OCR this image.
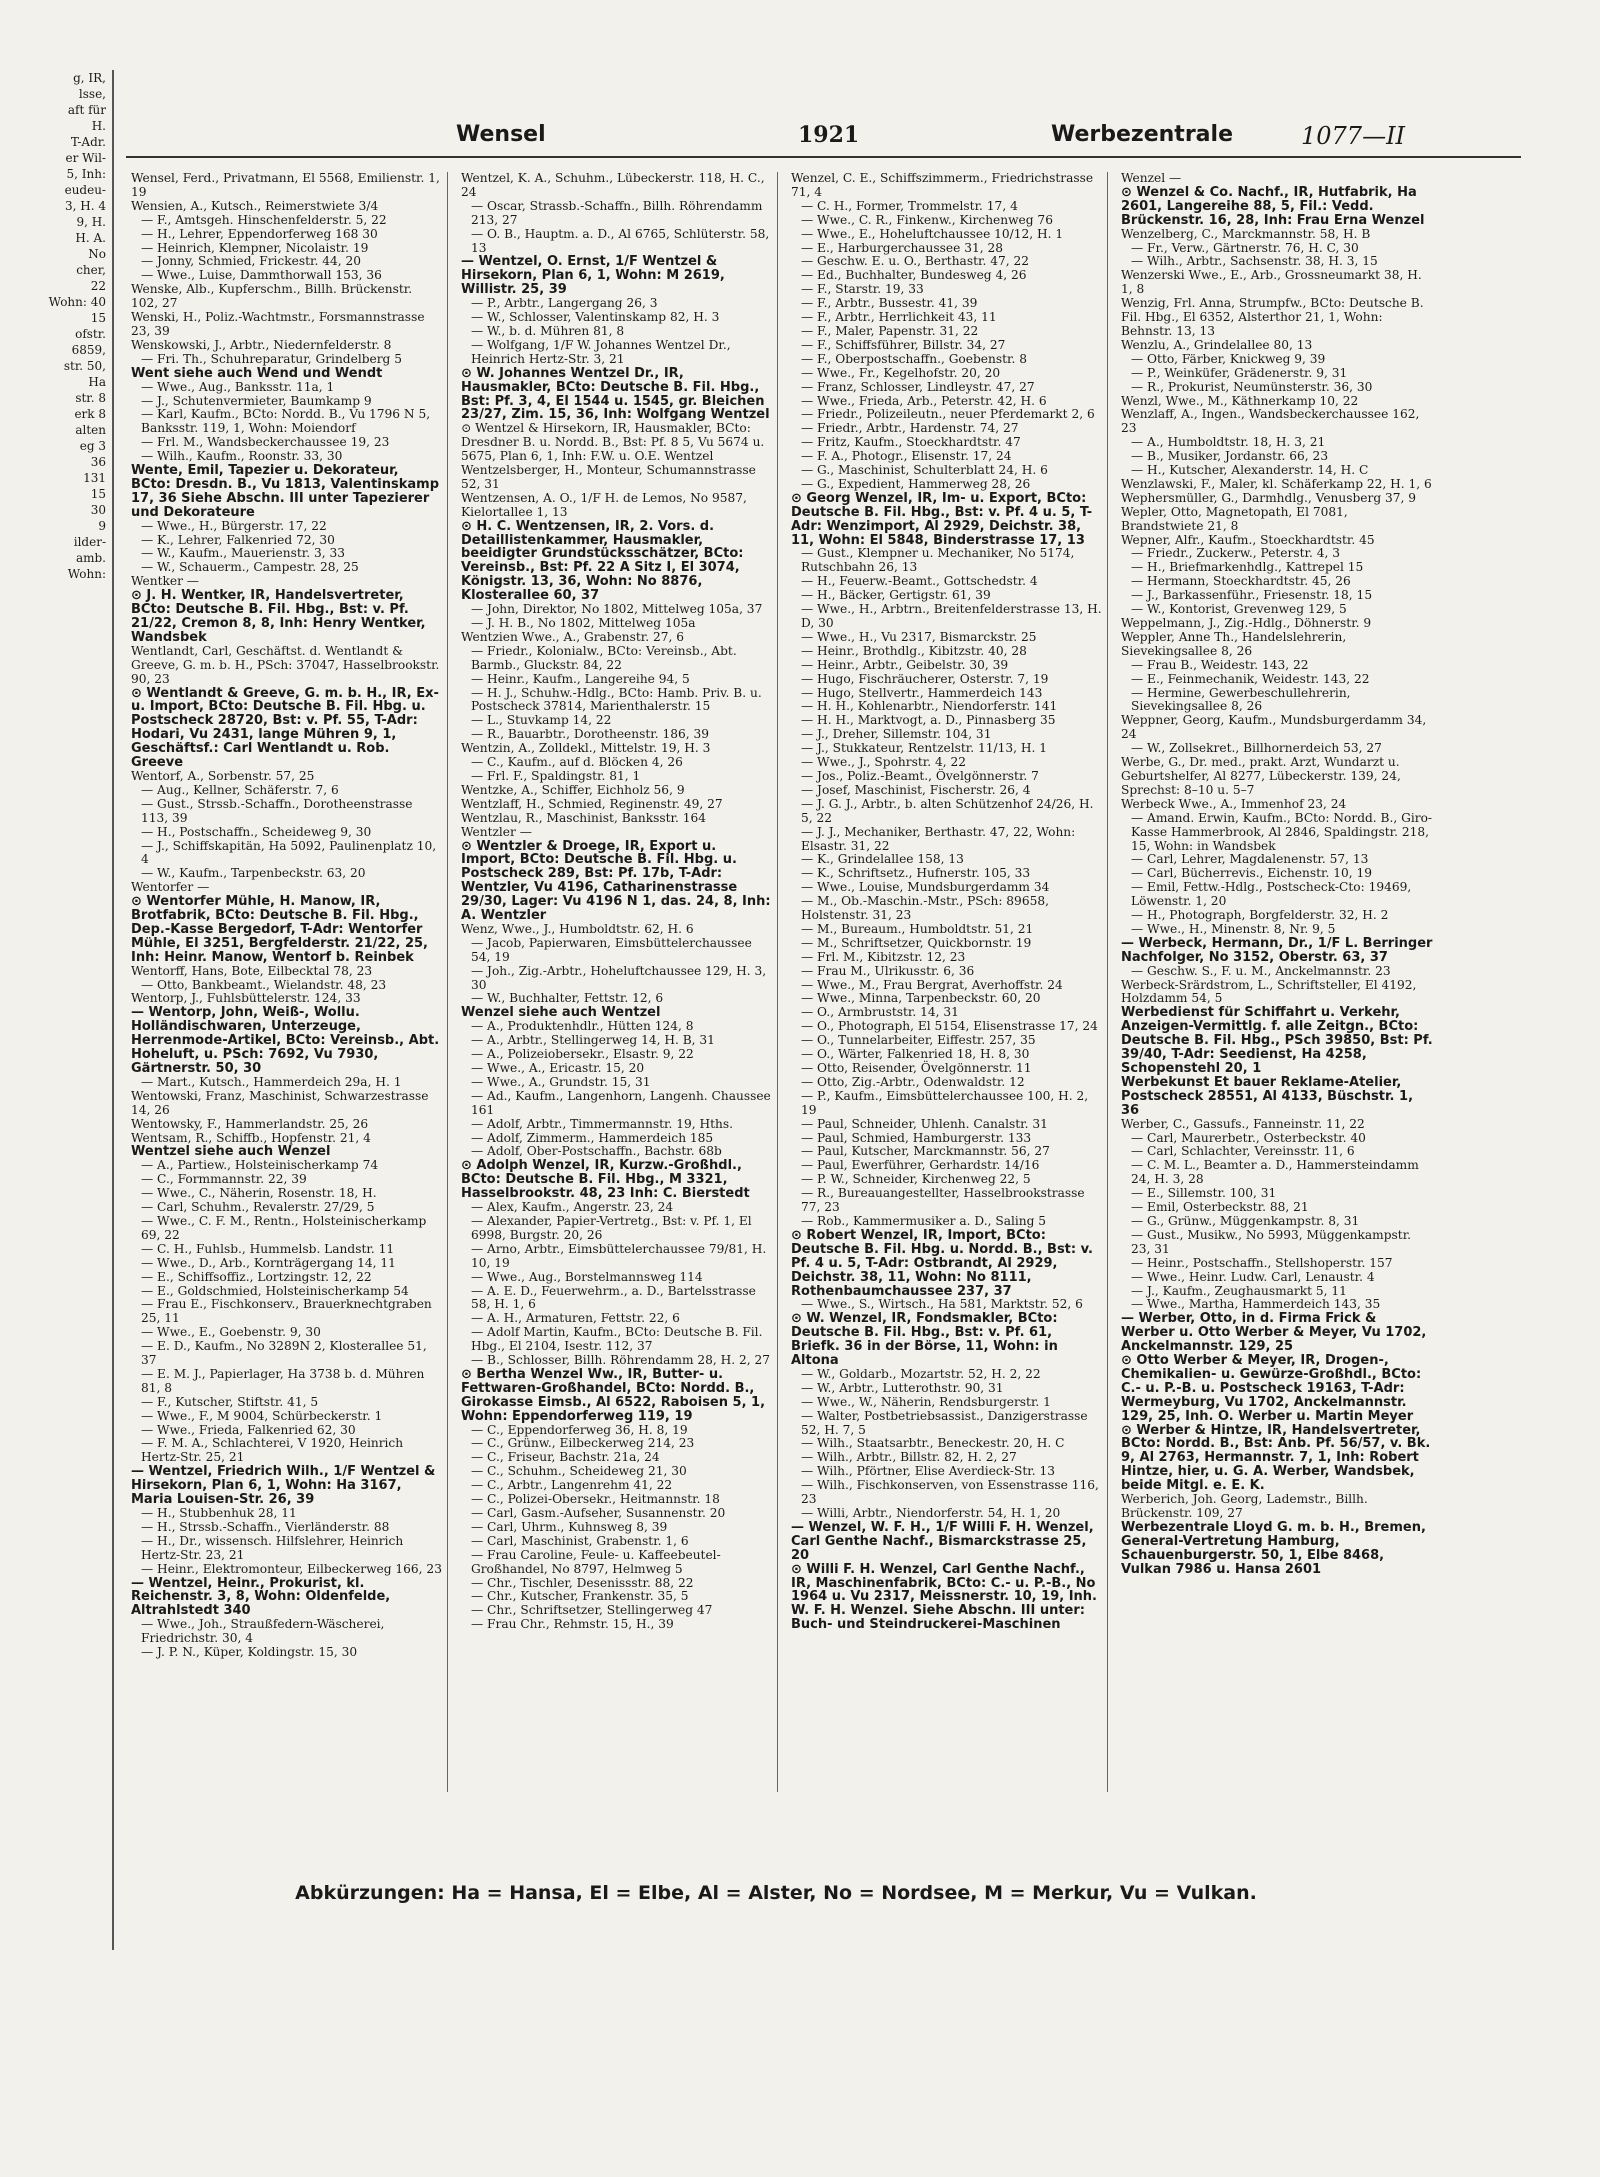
g, IR,
lsse,
aft für
H.
T-Adr.
er Wil-
5, Inh:
eudeu-
3, H. 4
9, H.
H. A.
No
cher,
22
Wohn: 40
15
ofstr.
6859,
str. 50,
Ha
str. 8
erk 8
alten
eg 3
36
131
15
30
9
ilder-
amb.
Wohn:
Wensel	1921	Werbezentrale	1077—II

Wensel, Ferd., Privatmann, El 5568, Emilienstr. 1, 19

Wensien, A., Kutsch., Reimerstwiete 3/4

— F., Amtsgeh. Hinschenfelderstr. 5, 22

— H., Lehrer, Eppendorferweg 168 30

— Heinrich, Klempner, Nicolaistr. 19

— Jonny, Schmied, Frickestr. 44, 20

— Wwe., Luise, Dammthorwall 153, 36

Wenske, Alb., Kupferschm., Billh. Brückenstr. 102, 27

Wenski, H., Poliz.-Wachtmstr., Forsmannstrasse 23, 39

Wenskowski, J., Arbtr., Niedernfelderstr. 8

— Fri. Th., Schuhreparatur, Grindelberg 5

Went siehe auch Wend und Wendt

— Wwe., Aug., Banksstr. 11a, 1

— J., Schutenvermieter, Baumkamp 9

— Karl, Kaufm., BCto: Nordd. B., Vu 1796 N 5, Banksstr. 119, 1, Wohn: Moiendorf

— Frl. M., Wandsbeckerchaussee 19, 23

— Wilh., Kaufm., Roonstr. 33, 30

Wente, Emil, Tapezier u. Dekorateur, BCto: Dresdn. B., Vu 1813, Valentinskamp 17, 36 Siehe Abschn. III unter Tapezierer und Dekorateure

— Wwe., H., Bürgerstr. 17, 22

— K., Lehrer, Falkenried 72, 30

— W., Kaufm., Mauerienstr. 3, 33

— W., Schauerm., Campestr. 28, 25

Wentker —

⊙ J. H. Wentker, IR, Handelsvertreter, BCto: Deutsche B. Fil. Hbg., Bst: v. Pf. 21/22, Cremon 8, 8, Inh: Henry Wentker, Wandsbek

Wentlandt, Carl, Geschäftst. d. Wentlandt & Greeve, G. m. b. H., PSch: 37047, Hasselbrookstr. 90, 23

⊙ Wentlandt & Greeve, G. m. b. H., IR, Ex- u. Import, BCto: Deutsche B. Fil. Hbg. u. Postscheck 28720, Bst: v. Pf. 55, T-Adr: Hodari, Vu 2431, lange Mühren 9, 1, Geschäftsf.: Carl Wentlandt u. Rob. Greeve

Wentorf, A., Sorbenstr. 57, 25

— Aug., Kellner, Schäferstr. 7, 6

— Gust., Strssb.-Schaffn., Dorotheenstrasse 113, 39

— H., Postschaffn., Scheideweg 9, 30

— J., Schiffskapitän, Ha 5092, Paulinenplatz 10, 4

— W., Kaufm., Tarpenbeckstr. 63, 20

Wentorfer —

⊙ Wentorfer Mühle, H. Manow, IR, Brotfabrik, BCto: Deutsche B. Fil. Hbg., Dep.-Kasse Bergedorf, T-Adr: Wentorfer Mühle, El 3251, Bergfelderstr. 21/22, 25, Inh: Heinr. Manow, Wentorf b. Reinbek

Wentorff, Hans, Bote, Eilbecktal 78, 23

— Otto, Bankbeamt., Wielandstr. 48, 23

Wentorp, J., Fuhlsbüttelerstr. 124, 33

— Wentorp, John, Weiß-, Wollu. Holländischwaren, Unterzeuge, Herrenmode-Artikel, BCto: Vereinsb., Abt. Hoheluft, u. PSch: 7692, Vu 7930, Gärtnerstr. 50, 30

— Mart., Kutsch., Hammerdeich 29a, H. 1

Wentowski, Franz, Maschinist, Schwarzestrasse 14, 26

Wentowsky, F., Hammerlandstr. 25, 26

Wentsam, R., Schiffb., Hopfenstr. 21, 4

Wentzel siehe auch Wenzel

— A., Partiew., Holsteinischerkamp 74

— C., Formmannstr. 22, 39

— Wwe., C., Näherin, Rosenstr. 18, H.

— Carl, Schuhm., Revalerstr. 27/29, 5

— Wwe., C. F. M., Rentn., Holsteinischerkamp 69, 22

— C. H., Fuhlsb., Hummelsb. Landstr. 11

— Wwe., D., Arb., Kornträgergang 14, 11

— E., Schiffsoffiz., Lortzingstr. 12, 22

— E., Goldschmied, Holsteinischerkamp 54

— Frau E., Fischkonserv., Brauerknechtgraben 25, 11

— Wwe., E., Goebenstr. 9, 30

— E. D., Kaufm., No 3289N 2, Klosterallee 51, 37

— E. M. J., Papierlager, Ha 3738 b. d. Mühren 81, 8

— F., Kutscher, Stiftstr. 41, 5

— Wwe., F., M 9004, Schürbeckerstr. 1

— Wwe., Frieda, Falkenried 62, 30

— F. M. A., Schlachterei, V 1920, Heinrich Hertz-Str. 25, 21

— Wentzel, Friedrich Wilh., 1/F Wentzel & Hirsekorn, Plan 6, 1, Wohn: Ha 3167, Maria Louisen-Str. 26, 39

— H., Stubbenhuk 28, 11

— H., Strssb.-Schaffn., Vierländerstr. 88

— H., Dr., wissensch. Hilfslehrer, Heinrich Hertz-Str. 23, 21

— Heinr., Elektromonteur, Eilbeckerweg 166, 23

— Wentzel, Heinr., Prokurist, kl. Reichenstr. 3, 8, Wohn: Oldenfelde, Altrahlstedt 340

— Wwe., Joh., Straußfedern-Wäscherei, Friedrichstr. 30, 4

— J. P. N., Küper, Koldingstr. 15, 30

Wentzel, K. A., Schuhm., Lübeckerstr. 118, H. C., 24

— Oscar, Strassb.-Schaffn., Billh. Röhrendamm 213, 27

— O. B., Hauptm. a. D., Al 6765, Schlüterstr. 58, 13

— Wentzel, O. Ernst, 1/F Wentzel & Hirsekorn, Plan 6, 1, Wohn: M 2619, Willistr. 25, 39

— P., Arbtr., Langergang 26, 3

— W., Schlosser, Valentinskamp 82, H. 3

— W., b. d. Mühren 81, 8

— Wolfgang, 1/F W. Johannes Wentzel Dr., Heinrich Hertz-Str. 3, 21

⊙ W. Johannes Wentzel Dr., IR, Hausmakler, BCto: Deutsche B. Fil. Hbg., Bst: Pf. 3, 4, El 1544 u. 1545, gr. Bleichen 23/27, Zim. 15, 36, Inh: Wolfgang Wentzel

⊙ Wentzel & Hirsekorn, IR, Hausmakler, BCto: Dresdner B. u. Nordd. B., Bst: Pf. 8 5, Vu 5674 u. 5675, Plan 6, 1, Inh: F.W. u. O.E. Wentzel

Wentzelsberger, H., Monteur, Schumannstrasse 52, 31

Wentzensen, A. O., 1/F H. de Lemos, No 9587, Kielortallee 1, 13

⊙ H. C. Wentzensen, IR, 2. Vors. d. Detaillistenkammer, Hausmakler, beeidigter Grundstücksschätzer, BCto: Vereinsb., Bst: Pf. 22 A Sitz I, El 3074, Königstr. 13, 36, Wohn: No 8876, Klosterallee 60, 37

— John, Direktor, No 1802, Mittelweg 105a, 37

— J. H. B., No 1802, Mittelweg 105a

Wentzien Wwe., A., Grabenstr. 27, 6

— Friedr., Kolonialw., BCto: Vereinsb., Abt. Barmb., Gluckstr. 84, 22

— Heinr., Kaufm., Langereihe 94, 5

— H. J., Schuhw.-Hdlg., BCto: Hamb. Priv. B. u. Postscheck 37814, Marienthalerstr. 15

— L., Stuvkamp 14, 22

— R., Bauarbtr., Dorotheenstr. 186, 39

Wentzin, A., Zolldekl., Mittelstr. 19, H. 3

— C., Kaufm., auf d. Blöcken 4, 26

— Frl. F., Spaldingstr. 81, 1

Wentzke, A., Schiffer, Eichholz 56, 9

Wentzlaff, H., Schmied, Reginenstr. 49, 27

Wentzlau, R., Maschinist, Banksstr. 164

Wentzler —

⊙ Wentzler & Droege, IR, Export u. Import, BCto: Deutsche B. Fil. Hbg. u. Postscheck 289, Bst: Pf. 17b, T-Adr: Wentzler, Vu 4196, Catharinenstrasse 29/30, Lager: Vu 4196 N 1, das. 24, 8, Inh: A. Wentzler

Wenz, Wwe., J., Humboldtstr. 62, H. 6

— Jacob, Papierwaren, Eimsbüttelerchaussee 54, 19

— Joh., Zig.-Arbtr., Hoheluftchaussee 129, H. 3, 30

— W., Buchhalter, Fettstr. 12, 6

Wenzel siehe auch Wentzel

— A., Produktenhdlr., Hütten 124, 8

— A., Arbtr., Stellingerweg 14, H. B, 31

— A., Polizeiobersekr., Elsastr. 9, 22

— Wwe., A., Ericastr. 15, 20

— Wwe., A., Grundstr. 15, 31

— Ad., Kaufm., Langenhorn, Langenh. Chaussee 161

— Adolf, Arbtr., Timmermannstr. 19, Hths.

— Adolf, Zimmerm., Hammerdeich 185

— Adolf, Ober-Postschaffn., Bachstr. 68b

⊙ Adolph Wenzel, IR, Kurzw.-Großhdl., BCto: Deutsche B. Fil. Hbg., M 3321, Hasselbrookstr. 48, 23 Inh: C. Bierstedt

— Alex, Kaufm., Angerstr. 23, 24

— Alexander, Papier-Vertretg., Bst: v. Pf. 1, El 6998, Burgstr. 20, 26

— Arno, Arbtr., Eimsbüttelerchaussee 79/81, H. 10, 19

— Wwe., Aug., Borstelmannsweg 114

— A. E. D., Feuerwehrm., a. D., Bartelsstrasse 58, H. 1, 6

— A. H., Armaturen, Fettstr. 22, 6

— Adolf Martin, Kaufm., BCto: Deutsche B. Fil. Hbg., El 2104, Isestr. 112, 37

— B., Schlosser, Billh. Röhrendamm 28, H. 2, 27

⊙ Bertha Wenzel Ww., IR, Butter- u. Fettwaren-Großhandel, BCto: Nordd. B., Girokasse Eimsb., Al 6522, Raboisen 5, 1, Wohn: Eppendorferweg 119, 19

— C., Eppendorferweg 36, H. 8, 19

— C., Grünw., Eilbeckerweg 214, 23

— C., Friseur, Bachstr. 21a, 24

— C., Schuhm., Scheideweg 21, 30

— C., Arbtr., Langenrehm 41, 22

— C., Polizei-Obersekr., Heitmannstr. 18

— Carl, Gasm.-Aufseher, Susannenstr. 20

— Carl, Uhrm., Kuhnsweg 8, 39

— Carl, Maschinist, Grabenstr. 1, 6

— Frau Caroline, Feule- u. Kaffeebeutel-Großhandel, No 8797, Helmweg 5

— Chr., Tischler, Desenissstr. 88, 22

— Chr., Kutscher, Frankenstr. 35, 5

— Chr., Schriftsetzer, Stellingerweg 47

— Frau Chr., Rehmstr. 15, H., 39

Wenzel, C. E., Schiffszimmerm., Friedrichstrasse 71, 4

— C. H., Former, Trommelstr. 17, 4

— Wwe., C. R., Finkenw., Kirchenweg 76

— Wwe., E., Hoheluftchaussee 10/12, H. 1

— E., Harburgerchaussee 31, 28

— Geschw. E. u. O., Berthastr. 47, 22

— Ed., Buchhalter, Bundesweg 4, 26

— F., Starstr. 19, 33

— F., Arbtr., Bussestr. 41, 39

— F., Arbtr., Herrlichkeit 43, 11

— F., Maler, Papenstr. 31, 22

— F., Schiffsführer, Billstr. 34, 27

— F., Oberpostschaffn., Goebenstr. 8

— Wwe., Fr., Kegelhofstr. 20, 20

— Franz, Schlosser, Lindleystr. 47, 27

— Wwe., Frieda, Arb., Peterstr. 42, H. 6

— Friedr., Polizeileutn., neuer Pferdemarkt 2, 6

— Friedr., Arbtr., Hardenstr. 74, 27

— Fritz, Kaufm., Stoeckhardtstr. 47

— F. A., Photogr., Elisenstr. 17, 24

— G., Maschinist, Schulterblatt 24, H. 6

— G., Expedient, Hammerweg 28, 26

⊙ Georg Wenzel, IR, Im- u. Export, BCto: Deutsche B. Fil. Hbg., Bst: v. Pf. 4 u. 5, T-Adr: Wenzimport, Al 2929, Deichstr. 38, 11, Wohn: El 5848, Binderstrasse 17, 13

— Gust., Klempner u. Mechaniker, No 5174, Rutschbahn 26, 13

— H., Feuerw.-Beamt., Gottschedstr. 4

— H., Bäcker, Gertigstr. 61, 39

— Wwe., H., Arbtrn., Breitenfelderstrasse 13, H. D, 30

— Wwe., H., Vu 2317, Bismarckstr. 25

— Heinr., Brothdlg., Kibitzstr. 40, 28

— Heinr., Arbtr., Geibelstr. 30, 39

— Hugo, Fischräucherer, Osterstr. 7, 19

— Hugo, Stellvertr., Hammerdeich 143

— H. H., Kohlenarbtr., Niendorferstr. 141

— H. H., Marktvogt, a. D., Pinnasberg 35

— J., Dreher, Sillemstr. 104, 31

— J., Stukkateur, Rentzelstr. 11/13, H. 1

— Wwe., J., Spohrstr. 4, 22

— Jos., Poliz.-Beamt., Övelgönnerstr. 7

— Josef, Maschinist, Fischerstr. 26, 4

— J. G. J., Arbtr., b. alten Schützenhof 24/26, H. 5, 22

— J. J., Mechaniker, Berthastr. 47, 22, Wohn: Elsastr. 31, 22

— K., Grindelallee 158, 13

— K., Schriftsetz., Hufnerstr. 105, 33

— Wwe., Louise, Mundsburgerdamm 34

— M., Ob.-Maschin.-Mstr., PSch: 89658, Holstenstr. 31, 23

— M., Bureaum., Humboldtstr. 51, 21

— M., Schriftsetzer, Quickbornstr. 19

— Frl. M., Kibitzstr. 12, 23

— Frau M., Ulrikusstr. 6, 36

— Wwe., M., Frau Bergrat, Averhoffstr. 24

— Wwe., Minna, Tarpenbeckstr. 60, 20

— O., Armbruststr. 14, 31

— O., Photograph, El 5154, Elisenstrasse 17, 24

— O., Tunnelarbeiter, Eiffestr. 257, 35

— O., Wärter, Falkenried 18, H. 8, 30

— Otto, Reisender, Övelgönnerstr. 11

— Otto, Zig.-Arbtr., Odenwaldstr. 12

— P., Kaufm., Eimsbüttelerchaussee 100, H. 2, 19

— Paul, Schneider, Uhlenh. Canalstr. 31

— Paul, Schmied, Hamburgerstr. 133

— Paul, Kutscher, Marckmannstr. 56, 27

— Paul, Ewerführer, Gerhardstr. 14/16

— P. W., Schneider, Kirchenweg 22, 5

— R., Bureauangestellter, Hasselbrookstrasse 77, 23

— Rob., Kammermusiker a. D., Saling 5

⊙ Robert Wenzel, IR, Import, BCto: Deutsche B. Fil. Hbg. u. Nordd. B., Bst: v. Pf. 4 u. 5, T-Adr: Ostbrandt, Al 2929, Deichstr. 38, 11, Wohn: No 8111, Rothenbaumchaussee 237, 37

— Wwe., S., Wirtsch., Ha 581, Marktstr. 52, 6

⊙ W. Wenzel, IR, Fondsmakler, BCto: Deutsche B. Fil. Hbg., Bst: v. Pf. 61, Briefk. 36 in der Börse, 11, Wohn: in Altona

— W., Goldarb., Mozartstr. 52, H. 2, 22

— W., Arbtr., Lutterothstr. 90, 31

— Wwe., W., Näherin, Rendsburgerstr. 1

— Walter, Postbetriebsassist., Danzigerstrasse 52, H. 7, 5

— Wilh., Staatsarbtr., Beneckestr. 20, H. C

— Wilh., Arbtr., Billstr. 82, H. 2, 27

— Wilh., Pförtner, Elise Averdieck-Str. 13

— Wilh., Fischkonserven, von Essenstrasse 116, 23

— Willi, Arbtr., Niendorferstr. 54, H. 1, 20

— Wenzel, W. F. H., 1/F Willi F. H. Wenzel, Carl Genthe Nachf., Bismarckstrasse 25, 20

⊙ Willi F. H. Wenzel, Carl Genthe Nachf., IR, Maschinenfabrik, BCto: C.- u. P.-B., No 1964 u. Vu 2317, Meissnerstr. 10, 19, Inh. W. F. H. Wenzel. Siehe Abschn. III unter: Buch- und Steindruckerei-Maschinen

Wenzel —

⊙ Wenzel & Co. Nachf., IR, Hutfabrik, Ha 2601, Langereihe 88, 5, Fil.: Vedd. Brückenstr. 16, 28, Inh: Frau Erna Wenzel

Wenzelberg, C., Marckmannstr. 58, H. B

— Fr., Verw., Gärtnerstr. 76, H. C, 30

— Wilh., Arbtr., Sachsenstr. 38, H. 3, 15

Wenzerski Wwe., E., Arb., Grossneumarkt 38, H. 1, 8

Wenzig, Frl. Anna, Strumpfw., BCto: Deutsche B. Fil. Hbg., El 6352, Alsterthor 21, 1, Wohn: Behnstr. 13, 13

Wenzlu, A., Grindelallee 80, 13

— Otto, Färber, Knickweg 9, 39

— P., Weinküfer, Grädenerstr. 9, 31

— R., Prokurist, Neumünsterstr. 36, 30

Wenzl, Wwe., M., Käthnerkamp 10, 22

Wenzlaff, A., Ingen., Wandsbeckerchaussee 162, 23

— A., Humboldtstr. 18, H. 3, 21

— B., Musiker, Jordanstr. 66, 23

— H., Kutscher, Alexanderstr. 14, H. C

Wenzlawski, F., Maler, kl. Schäferkamp 22, H. 1, 6

Wephersmüller, G., Darmhdlg., Venusberg 37, 9

Wepler, Otto, Magnetopath, El 7081, Brandstwiete 21, 8

Wepner, Alfr., Kaufm., Stoeckhardtstr. 45

— Friedr., Zuckerw., Peterstr. 4, 3

— H., Briefmarkenhdlg., Kattrepel 15

— Hermann, Stoeckhardtstr. 45, 26

— J., Barkassenführ., Friesenstr. 18, 15

— W., Kontorist, Grevenweg 129, 5

Weppelmann, J., Zig.-Hdlg., Döhnerstr. 9

Weppler, Anne Th., Handelslehrerin, Sievekingsallee 8, 26

— Frau B., Weidestr. 143, 22

— E., Feinmechanik, Weidestr. 143, 22

— Hermine, Gewerbeschullehrerin, Sievekingsallee 8, 26

Weppner, Georg, Kaufm., Mundsburgerdamm 34, 24

— W., Zollsekret., Billhornerdeich 53, 27

Werbe, G., Dr. med., prakt. Arzt, Wundarzt u. Geburtshelfer, Al 8277, Lübeckerstr. 139, 24, Sprechst: 8–10 u. 5–7

Werbeck Wwe., A., Immenhof 23, 24

— Amand. Erwin, Kaufm., BCto: Nordd. B., Giro-Kasse Hammerbrook, Al 2846, Spaldingstr. 218, 15, Wohn: in Wandsbek

— Carl, Lehrer, Magdalenenstr. 57, 13

— Carl, Bücherrevis., Eichenstr. 10, 19

— Emil, Fettw.-Hdlg., Postscheck-Cto: 19469, Löwenstr. 1, 20

— H., Photograph, Borgfelderstr. 32, H. 2

— Wwe., H., Minenstr. 8, Nr. 9, 5

— Werbeck, Hermann, Dr., 1/F L. Berringer Nachfolger, No 3152, Oberstr. 63, 37

— Geschw. S., F. u. M., Anckelmannstr. 23

Werbeck-Srärdstrom, L., Schriftsteller, El 4192, Holzdamm 54, 5

Werbedienst für Schiffahrt u. Verkehr, Anzeigen-Vermittlg. f. alle Zeitgn., BCto: Deutsche B. Fil. Hbg., PSch 39850, Bst: Pf. 39/40, T-Adr: Seedienst, Ha 4258, Schopenstehl 20, 1

Werbekunst Et bauer Reklame-Atelier, Postscheck 28551, Al 4133, Büschstr. 1, 36

Werber, C., Gassufs., Fanneinstr. 11, 22

— Carl, Maurerbetr., Osterbeckstr. 40

— Carl, Schlachter, Vereinsstr. 11, 6

— C. M. L., Beamter a. D., Hammersteindamm 24, H. 3, 28

— E., Sillemstr. 100, 31

— Emil, Osterbeckstr. 88, 21

— G., Grünw., Müggenkampstr. 8, 31

— Gust., Musikw., No 5993, Müggenkampstr. 23, 31

— Heinr., Postschaffn., Stellshoperstr. 157

— Wwe., Heinr. Ludw. Carl, Lenaustr. 4

— J., Kaufm., Zeughausmarkt 5, 11

— Wwe., Martha, Hammerdeich 143, 35

— Werber, Otto, in d. Firma Frick & Werber u. Otto Werber & Meyer, Vu 1702, Anckelmannstr. 129, 25

⊙ Otto Werber & Meyer, IR, Drogen-, Chemikalien- u. Gewürze-Großhdl., BCto: C.- u. P.-B. u. Postscheck 19163, T-Adr: Wermeyburg, Vu 1702, Anckelmannstr. 129, 25, Inh. O. Werber u. Martin Meyer

⊙ Werber & Hintze, IR, Handelsvertreter, BCto: Nordd. B., Bst: Anb. Pf. 56/57, v. Bk. 9, Al 2763, Hermannstr. 7, 1, Inh: Robert Hintze, hier, u. G. A. Werber, Wandsbek, beide Mitgl. e. E. K.

Werberich, Joh. Georg, Lademstr., Billh. Brückenstr. 109, 27

Werbezentrale Lloyd G. m. b. H., Bremen, General-Vertretung Hamburg, Schauenburgerstr. 50, 1, Elbe 8468, Vulkan 7986 u. Hansa 2601

Abkürzungen: Ha = Hansa, El = Elbe, Al = Alster, No = Nordsee, M = Merkur, Vu = Vulkan.
